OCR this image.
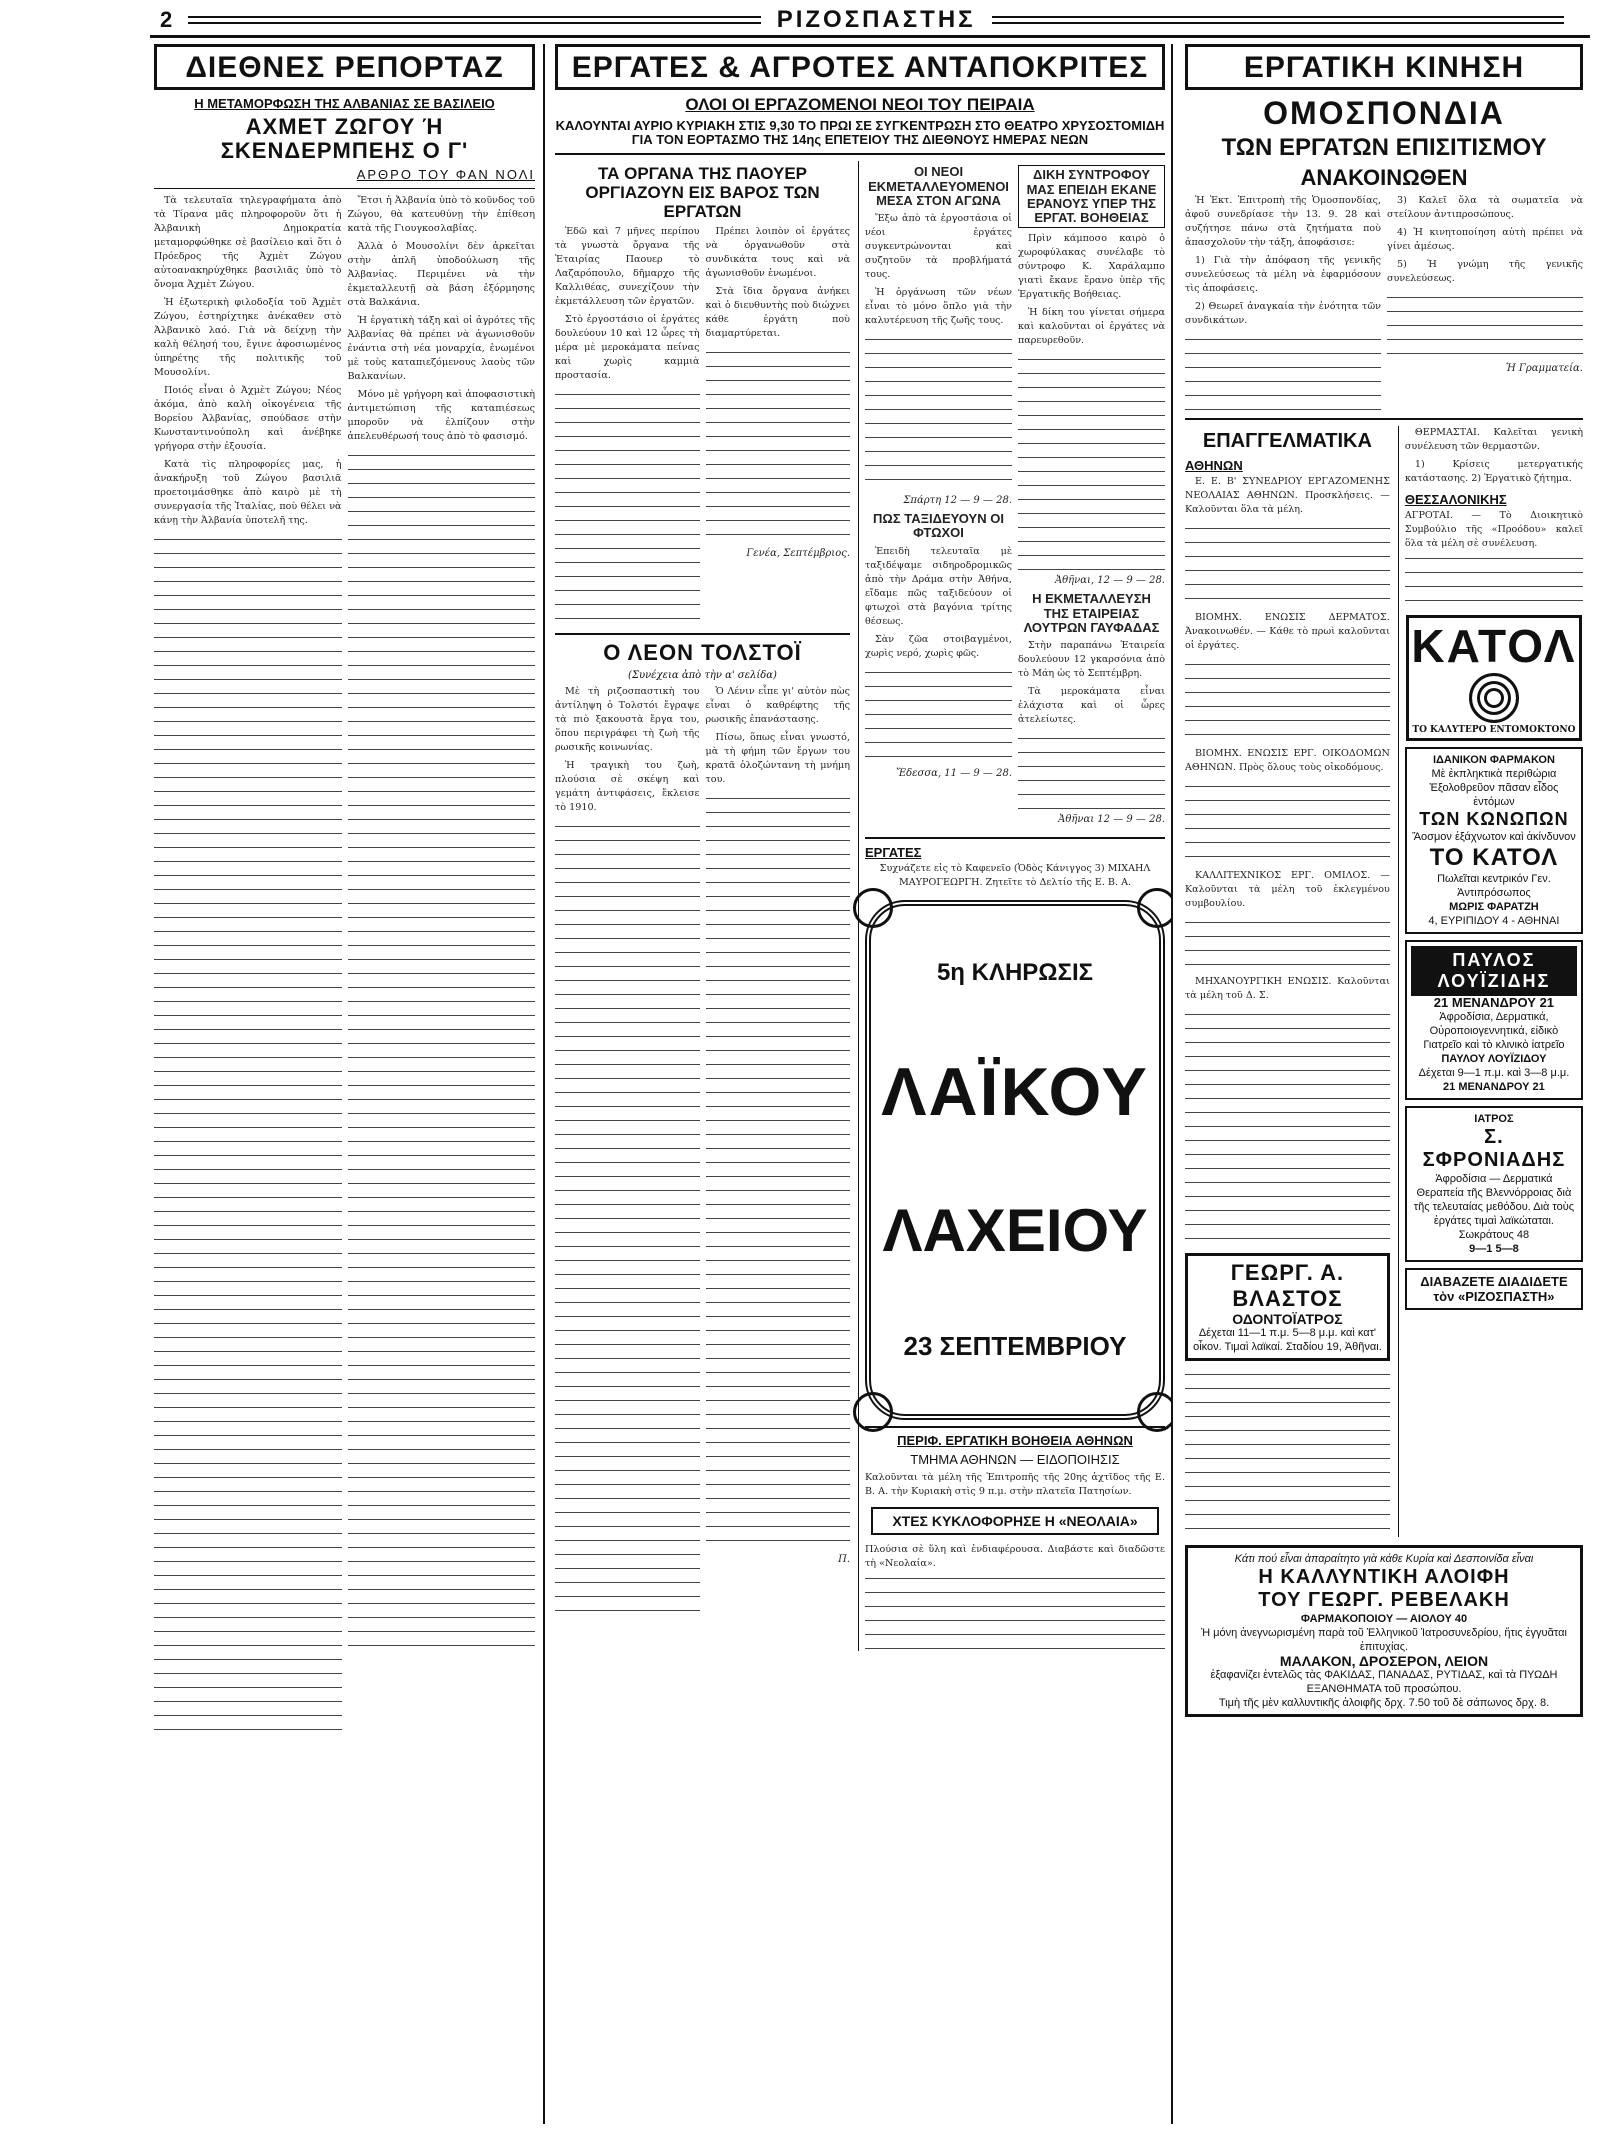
2	ΡΙΖΟΣΠΑΣΤΗΣ
ΔΙΕΘΝΕΣ ΡΕΠΟΡΤΑΖ
Η ΜΕΤΑΜΟΡΦΩΣΗ ΤΗΣ ΑΛΒΑΝΙΑΣ ΣΕ ΒΑΣΙΛΕΙΟ
ΑΧΜΕΤ ΖΩΓΟΥ Ή ΣΚΕΝΔΕΡΜΠΕΗΣ Ο Γ'
ΑΡΘΡΟ ΤΟΥ ΦΑΝ ΝΟΛΙ

Τὰ τελευταῖα τηλεγραφήματα ἀπὸ τὰ Τίρανα μᾶς πληροφοροῦν ὅτι ἡ Ἀλβανικὴ Δημοκρατία μεταμορφώθηκε σὲ βασίλειο καὶ ὅτι ὁ Πρόεδρος τῆς Ἀχμὲτ Ζώγου αὐτοανακηρύχθηκε βασιλιᾶς ὑπὸ τὸ ὄνομα Ἀχμὲτ Ζώγου.

Ἡ ἐξωτερικὴ φιλοδοξία τοῦ Ἀχμὲτ Ζώγου, ἐστηρίχτηκε ἀνέκαθεν στὸ Ἀλβανικὸ λαό. Γιὰ νὰ δείχνῃ τὴν καλὴ θέλησή του, ἔγινε ἀφοσιωμένος ὑπηρέτης τῆς πολιτικῆς τοῦ Μουσολίνι.

Ποιός εἶναι ὁ Ἀχμὲτ Ζώγου; Νέος ἀκόμα, ἀπὸ καλὴ οἰκογένεια τῆς Βορείου Ἀλβανίας, σπούδασε στὴν Κωνσταντινούπολη καὶ ἀνέβηκε γρήγορα στὴν ἐξουσία.

Κατὰ τὶς πληροφορίες μας, ἡ ἀνακήρυξη τοῦ Ζώγου βασιλιᾶ προετοιμάσθηκε ἀπὸ καιρὸ μὲ τὴ συνεργασία τῆς Ἰταλίας, ποὺ θέλει νὰ κάνῃ τὴν Ἀλβανία ὑποτελῆ της.

Ἔτσι ἡ Ἀλβανία ὑπὸ τὸ κοῦνδος τοῦ Ζώγου, θὰ κατευθύνῃ τὴν ἐπίθεση κατὰ τῆς Γιουγκοσλαβίας.

Ἀλλὰ ὁ Μουσολίνι δὲν ἀρκεῖται στὴν ἀπλῆ ὑποδούλωση τῆς Ἀλβανίας. Περιμένει νὰ τὴν ἐκμεταλλευτῇ σὰ βάση ἐξόρμησης στὰ Βαλκάνια.

Ἡ ἐργατικὴ τάξη καὶ οἱ ἀγρότες τῆς Ἀλβανίας θὰ πρέπει νὰ ἀγωνισθοῦν ἐνάντια στὴ νέα μοναρχία, ἑνωμένοι μὲ τοὺς καταπιεζόμενους λαοὺς τῶν Βαλκανίων.

Μόνο μὲ γρήγορη καὶ ἀποφασιστικὴ ἀντιμετώπιση τῆς καταπιέσεως μποροῦν νὰ ἐλπίζουν στὴν ἀπελευθέρωσή τους ἀπὸ τὸ φασισμό.

ΕΡΓΑΤΕΣ & ΑΓΡΟΤΕΣ ΑΝΤΑΠΟΚΡΙΤΕΣ
ΟΛΟΙ ΟΙ ΕΡΓΑΖΟΜΕΝΟΙ ΝΕΟΙ ΤΟΥ ΠΕΙΡΑΙΑ
ΚΑΛΟΥΝΤΑΙ ΑΥΡΙΟ ΚΥΡΙΑΚΗ ΣΤΙΣ 9,30 ΤΟ ΠΡΩΙ ΣΕ ΣΥΓΚΕΝΤΡΩΣΗ ΣΤΟ ΘΕΑΤΡΟ ΧΡΥΣΟΣΤΟΜΙΔΗ ΓΙΑ ΤΟΝ ΕΟΡΤΑΣΜΟ ΤΗΣ 14ης ΕΠΕΤΕΙΟΥ ΤΗΣ ΔΙΕΘΝΟΥΣ ΗΜΕΡΑΣ ΝΕΩΝ
ΤΑ ΟΡΓΑΝΑ ΤΗΣ ΠΑΟΥΕΡ ΟΡΓΙΑΖΟΥΝ ΕΙΣ ΒΑΡΟΣ ΤΩΝ ΕΡΓΑΤΩΝ

Ἐδῶ καὶ 7 μῆνες περίπου τὰ γνωστὰ ὄργανα τῆς Ἑταιρίας Παουερ τὸ Λαζαρόπουλο, δῆμαρχο τῆς Καλλιθέας, συνεχίζουν τὴν ἐκμετάλλευση τῶν ἐργατῶν.

Στὸ ἐργοστάσιο οἱ ἐργάτες δουλεύουν 10 καὶ 12 ὧρες τὴ μέρα μὲ μεροκάματα πείνας καὶ χωρὶς καμμιὰ προστασία.

Πρέπει λοιπὸν οἱ ἐργάτες νὰ ὀργανωθοῦν στὰ συνδικάτα τους καὶ νὰ ἀγωνισθοῦν ἑνωμένοι.

Στὰ ἴδια ὄργανα ἀνήκει καὶ ὁ διευθυντὴς ποὺ διώχνει κάθε ἐργάτη ποὺ διαμαρτύρεται.

Γενέα, Σεπτέμβριος.
Ο ΛΕΟΝ ΤΟΛΣΤΟΪ
(Συνέχεια ἀπὸ τὴν α' σελίδα)

Μὲ τὴ ριζοσπαστικὴ του ἀντίληψη ὁ Τολστόι ἔγραψε τὰ πιὸ ξακουστὰ ἔργα του, ὅπου περιγράφει τὴ ζωὴ τῆς ρωσικῆς κοινωνίας.

Ἡ τραγικὴ του ζωὴ, πλούσια σὲ σκέψη καὶ γεμάτη ἀντιφάσεις, ἔκλεισε τὸ 1910.

Ὁ Λένιν εἶπε γι' αὐτὸν πὼς εἶναι ὁ καθρέφτης τῆς ρωσικῆς ἐπανάστασης.

Πίσω, ὅπως εἶναι γνωστό, μὰ τὴ φήμη τῶν ἔργων του κρατᾶ ὁλοζώντανη τὴ μνήμη του.

Π.
ΟΙ ΝΕΟΙ ΕΚΜΕΤΑΛΛΕΥΟΜΕΝΟΙ ΜΕΣΑ ΣΤΟΝ ΑΓΩΝΑ

Ἔξω ἀπὸ τὰ ἐργοστάσια οἱ νέοι ἐργάτες συγκεντρώνονται καὶ συζητοῦν τὰ προβλήματά τους.

Ἡ ὀργάνωση τῶν νέων εἶναι τὸ μόνο ὅπλο γιὰ τὴν καλυτέρευση τῆς ζωῆς τους.

Σπάρτη 12 — 9 — 28.
ΠΩΣ ΤΑΞΙΔΕΥΟΥΝ ΟΙ ΦΤΩΧΟΙ

Ἐπειδὴ τελευταῖα μὲ ταξιδέψαμε σιδηροδρομικῶς ἀπὸ τὴν Δράμα στὴν Ἀθήνα, εἴδαμε πῶς ταξιδεύουν οἱ φτωχοὶ στὰ βαγόνια τρίτης θέσεως.

Σὰν ζῶα στοιβαγμένοι, χωρὶς νερό, χωρὶς φῶς.

Ἔδεσσα, 11 — 9 — 28.
ΔΙΚΗ ΣΥΝΤΡΟΦΟΥ ΜΑΣ ΕΠΕΙΔΗ ΕΚΑΝΕ ΕΡΑΝΟΥΣ ΥΠΕΡ ΤΗΣ ΕΡΓΑΤ. ΒΟΗΘΕΙΑΣ

Πρὶν κάμποσο καιρὸ ὁ χωροφύλακας συνέλαβε τὸ σύντροφο Κ. Χαράλαμπο γιατὶ ἔκανε ἔρανο ὑπὲρ τῆς Ἐργατικῆς Βοήθειας.

Ἡ δίκη του γίνεται σήμερα καὶ καλοῦνται οἱ ἐργάτες νὰ παρευρεθοῦν.

Ἀθῆναι, 12 — 9 — 28.
Η ΕΚΜΕΤΑΛΛΕΥΣΗ ΤΗΣ ΕΤΑΙΡΕΙΑΣ ΛΟΥΤΡΩΝ ΓΑΥΦΑΔΑΣ

Στὴν παραπάνω Ἑταιρεία δουλεύουν 12 γκαρσόνια ἀπὸ τὸ Μάη ὡς τὸ Σεπτέμβρη.

Τὰ μεροκάματα εἶναι ἐλάχιστα καὶ οἱ ὧρες ἀτελείωτες.

Ἀθῆναι 12 — 9 — 28.
ΕΡΓΑΤΕΣ
Συχνάζετε εἰς τὸ Καφενεῖο (Ὁδὸς Κάνιγγος 3) ΜΙΧΑΗΛ ΜΑΥΡΟΓΕΩΡΓΗ. Ζητεῖτε τὸ Δελτίο τῆς Ε. Β. Α.
5η ΚΛΗΡΩΣΙΣ
ΛΑΪΚΟΥ
ΛΑΧΕΙΟΥ
23 ΣΕΠΤΕΜΒΡΙΟΥ
ΠΕΡΙΦ. ΕΡΓΑΤΙΚΗ ΒΟΗΘΕΙΑ ΑΘΗΝΩΝ
ΤΜΗΜΑ ΑΘΗΝΩΝ — ΕΙΔΟΠΟΙΗΣΙΣ
Καλοῦνται τὰ μέλη τῆς Ἐπιτροπῆς τῆς 20ης ἀχτῖδος τῆς Ε. Β. Α. τὴν Κυριακὴ στὶς 9 π.μ. στὴν πλατεῖα Πατησίων.
ΧΤΕΣ ΚΥΚΛΟΦΟΡΗΣΕ Η «ΝΕΟΛΑΙΑ»
Πλούσια σὲ ὕλη καὶ ἐνδιαφέρουσα. Διαβάστε καὶ διαδῶστε τὴ «Νεολαία».
ΕΡΓΑΤΙΚΗ ΚΙΝΗΣΗ
ΟΜΟΣΠΟΝΔΙΑ
ΤΩΝ ΕΡΓΑΤΩΝ ΕΠΙΣΙΤΙΣΜΟΥ
ΑΝΑΚΟΙΝΩΘΕΝ

Ἡ Ἐκτ. Ἐπιτροπὴ τῆς Ὁμοσπονδίας, ἀφοῦ συνεδρίασε τὴν 13. 9. 28 καὶ συζήτησε πάνω στὰ ζητήματα ποὺ ἀπασχολοῦν τὴν τάξη, ἀποφάσισε:

1) Γιὰ τὴν ἀπόφαση τῆς γενικῆς συνελεύσεως τὰ μέλη νὰ ἐφαρμόσουν τὶς ἀποφάσεις.

2) Θεωρεῖ ἀναγκαία τὴν ἑνότητα τῶν συνδικάτων.

3) Καλεῖ ὅλα τὰ σωματεῖα νὰ στείλουν ἀντιπροσώπους.

4) Ἡ κινητοποίηση αὐτὴ πρέπει νὰ γίνει ἀμέσως.

5) Ἡ γνώμη τῆς γενικῆς συνελεύσεως.

Ἡ Γραμματεία.
ΕΠΑΓΓΕΛΜΑΤΙΚΑ
ΑΘΗΝΩΝ

Ε. Ε. Β' ΣΥΝΕΔΡΙΟΥ ΕΡΓΑΖΟΜΕΝΗΣ ΝΕΟΛΑΙΑΣ ΑΘΗΝΩΝ. Προσκλήσεις. — Καλοῦνται ὅλα τὰ μέλη.

ΒΙΟΜΗΧ. ΕΝΩΣΙΣ ΔΕΡΜΑΤΟΣ. Ἀνακοινωθέν. — Κάθε τὸ πρωὶ καλοῦνται οἱ ἐργάτες.

ΒΙΟΜΗΧ. ΕΝΩΣΙΣ ΕΡΓ. ΟΙΚΟΔΟΜΩΝ ΑΘΗΝΩΝ. Πρὸς ὅλους τοὺς οἰκοδόμους.

ΚΑΛΛΙΤΕΧΝΙΚΟΣ ΕΡΓ. ΟΜΙΛΟΣ. — Καλοῦνται τὰ μέλη τοῦ ἐκλεγμένου συμβουλίου.

ΜΗΧΑΝΟΥΡΓΙΚΗ ΕΝΩΣΙΣ. Καλοῦνται τὰ μέλη τοῦ Δ. Σ.

ΓΕΩΡΓ. Α. ΒΛΑΣΤΟΣ
ΟΔΟΝΤΟΪΑΤΡΟΣ
Δέχεται 11—1 π.μ. 5—8 μ.μ. καὶ κατ' οἶκον. Τιμαὶ λαϊκαί. Σταδίου 19, Ἀθῆναι.

ΘΕΡΜΑΣΤΑΙ. Καλεῖται γενικὴ συνέλευση τῶν θερμαστῶν.

1) Κρίσεις μετεργατικής κατάστασης. 2) Ἐργατικὸ ζήτημα.

ΘΕΣΣΑΛΟΝΙΚΗΣ
ΑΓΡΟΤΑΙ. — Τὸ Διοικητικὸ Συμβούλιο τῆς «Προόδου» καλεῖ ὅλα τὰ μέλη σὲ συνέλευση.
ΚΑΤΟΛ
ΤΟ ΚΑΛΥΤΕΡΟ ΕΝΤΟΜΟΚΤΟΝΟ
ΙΔΑΝΙΚΟΝ ΦΑΡΜΑΚΟΝ
Μὲ ἐκπληκτικὰ περιθώρια
Ἐξολοθρεῦον πᾶσαν εἶδος ἐντόμων
ΤΩΝ ΚΩΝΩΠΩΝ
Ἄοσμον ἐξάχνωτον καὶ ἀκίνδυνον
ΤΟ ΚΑΤΟΛ
Πωλεῖται κεντρικόν Γεν. Ἀντιπρόσωπος
ΜΩΡΙΣ ΦΑΡΑΤΖΗ
4, ΕΥΡΙΠΙΔΟΥ 4 - ΑΘΗΝΑΙ
ΠΑΥΛΟΣ ΛΟΥΪΖΙΔΗΣ
21 ΜΕΝΑΝΔΡΟΥ 21
Ἀφροδίσια, Δερματικά, Οὐροποιογεννητικά, εἰδικὸ Γιατρεῖο καὶ τὸ κλινικὸ ἰατρεῖο
ΠΑΥΛΟΥ ΛΟΥΪΖΙΔΟΥ
Δέχεται 9—1 π.μ. καὶ 3—8 μ.μ.
21 ΜΕΝΑΝΔΡΟΥ 21
ΙΑΤΡΟΣ
Σ. ΣΦΡΟΝΙΑΔΗΣ
Ἀφροδίσια — Δερματικά
Θεραπεία τῆς Βλεννόρροιας διὰ τῆς τελευταίας μεθόδου. Διὰ τοὺς ἐργάτες τιμαὶ λαϊκώταται.
Σωκράτους 48
9—1 5—8
ΔΙΑΒΑΖΕΤΕ ΔΙΑΔΙΔΕΤΕ τὸν «ΡΙΖΟΣΠΑΣΤΗ»
Κάτι πού εἶναι ἀπαραίτητο γιὰ κάθε Κυρία καὶ Δεσποινίδα εἶναι
Η ΚΑΛΛΥΝΤΙΚΗ ΑΛΟΙΦΗ
ΤΟΥ ΓΕΩΡΓ. ΡΕΒΕΛΑΚΗ
ΦΑΡΜΑΚΟΠΟΙΟΥ — ΑΙΟΛΟΥ 40
Ἡ μόνη ἀνεγνωρισμένη παρὰ τοῦ Ἑλληνικοῦ Ἰατροσυνεδρίου, ἥτις ἐγγυᾶται ἐπιτυχίας.
ΜΑΛΑΚΟΝ, ΔΡΟΣΕΡΟΝ, ΛΕΙΟΝ
ἐξαφανίζει ἐντελῶς τὰς ΦΑΚΙΔΑΣ, ΠΑΝΑΔΑΣ, ΡΥΤΙΔΑΣ, καὶ τὰ ΠΥΩΔΗ ΕΞΑΝΘΗΜΑΤΑ τοῦ προσώπου.
Τιμὴ τῆς μὲν καλλυντικῆς ἀλοιφῆς δρχ. 7.50 τοῦ δὲ σάπωνος δρχ. 8.
